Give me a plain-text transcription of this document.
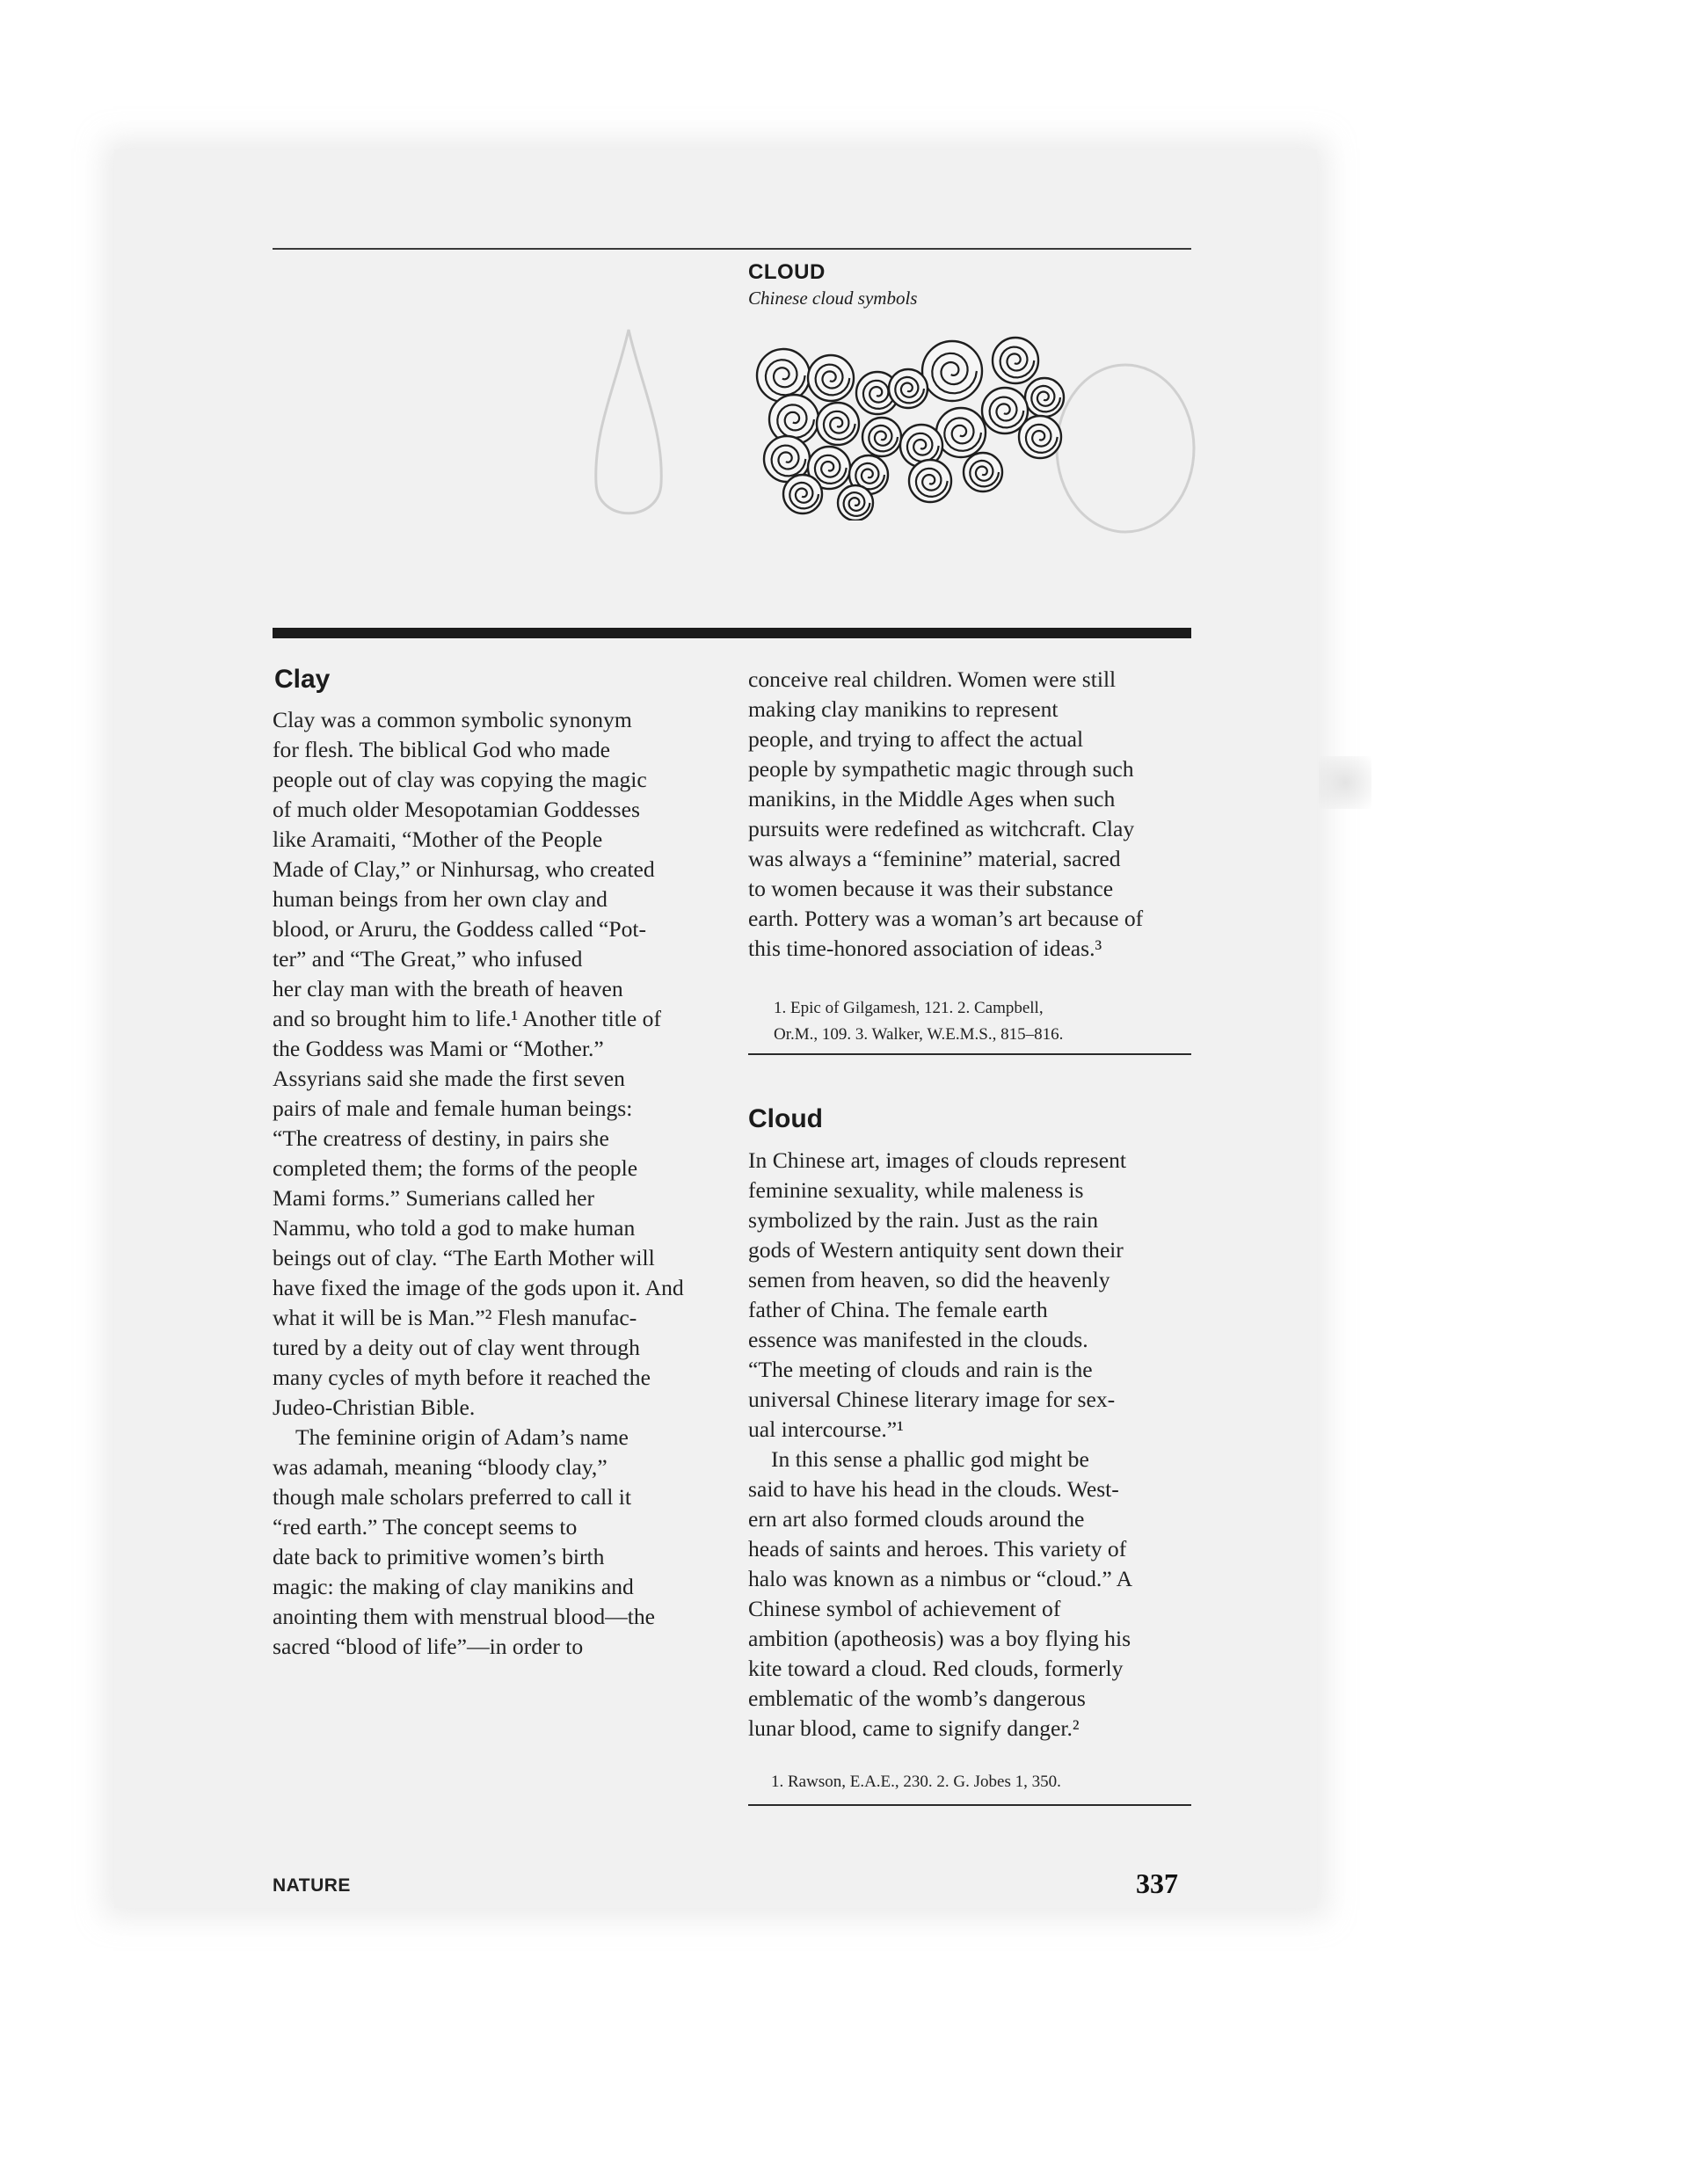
CLOUD
Chinese cloud symbols
Clay
Clay was a common symbolic synonym
for flesh. The biblical God who made
people out of clay was copying the magic
of much older Mesopotamian Goddesses
like Aramaiti, “Mother of the People
Made of Clay,” or Ninhursag, who created
human beings from her own clay and
blood, or Aruru, the Goddess called “Pot-
ter” and “The Great,” who infused
her clay man with the breath of heaven
and so brought him to life.¹ Another title of
the Goddess was Mami or “Mother.”
Assyrians said she made the first seven
pairs of male and female human beings:
“The creatress of destiny, in pairs she
completed them; the forms of the people
Mami forms.” Sumerians called her
Nammu, who told a god to make human
beings out of clay. “The Earth Mother will
have fixed the image of the gods upon it. And
what it will be is Man.”² Flesh manufac-
tured by a deity out of clay went through
many cycles of myth before it reached the
Judeo-Christian Bible.
The feminine origin of Adam’s name
was adamah, meaning “bloody clay,”
though male scholars preferred to call it
“red earth.” The concept seems to
date back to primitive women’s birth
magic: the making of clay manikins and
anointing them with menstrual blood—the
sacred “blood of life”—in order to
conceive real children. Women were still
making clay manikins to represent
people, and trying to affect the actual
people by sympathetic magic through such
manikins, in the Middle Ages when such
pursuits were redefined as witchcraft. Clay
was always a “feminine” material, sacred
to women because it was their substance
earth. Pottery was a woman’s art because of
this time-honored association of ideas.³
1. Epic of Gilgamesh, 121. 2. Campbell,
Or.M., 109. 3. Walker, W.E.M.S., 815–816.
Cloud
In Chinese art, images of clouds represent
feminine sexuality, while maleness is
symbolized by the rain. Just as the rain
gods of Western antiquity sent down their
semen from heaven, so did the heavenly
father of China. The female earth
essence was manifested in the clouds.
“The meeting of clouds and rain is the
universal Chinese literary image for sex-
ual intercourse.”¹
In this sense a phallic god might be
said to have his head in the clouds. West-
ern art also formed clouds around the
heads of saints and heroes. This variety of
halo was known as a nimbus or “cloud.” A
Chinese symbol of achievement of
ambition (apotheosis) was a boy flying his
kite toward a cloud. Red clouds, formerly
emblematic of the womb’s dangerous
lunar blood, came to signify danger.²
1. Rawson, E.A.E., 230. 2. G. Jobes 1, 350.
NATURE	337
